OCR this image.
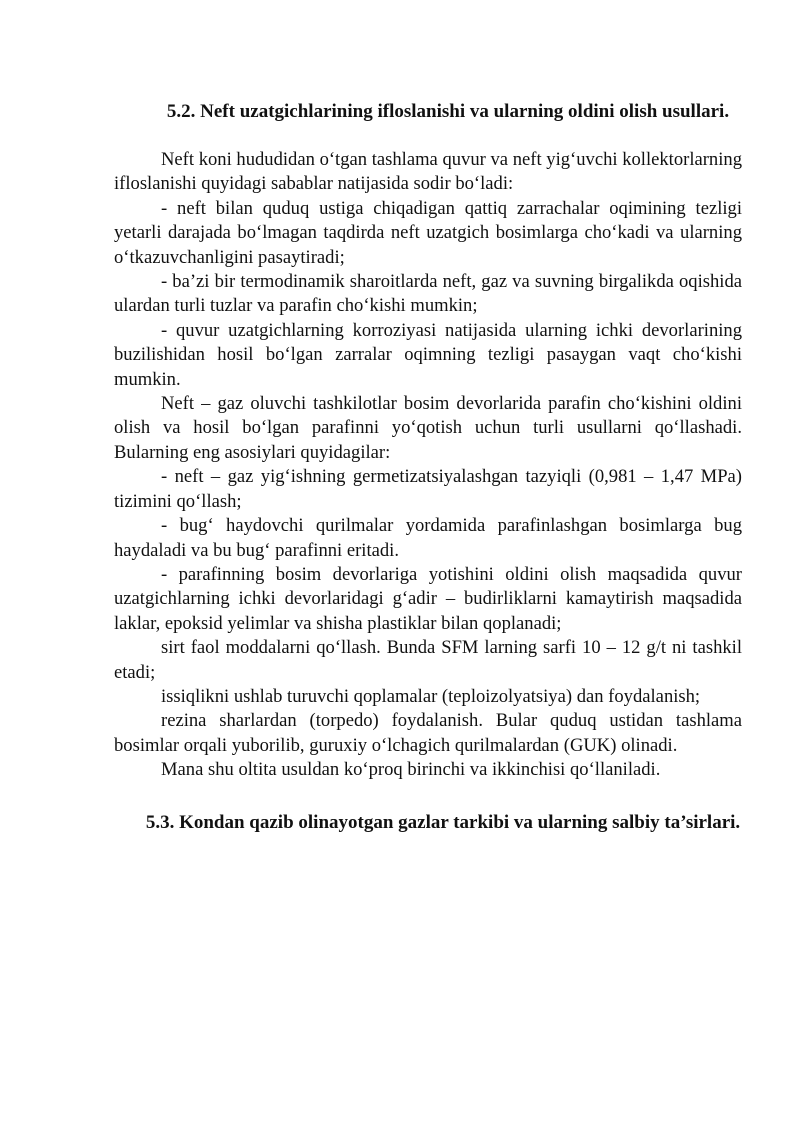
5.2. Neft uzatgichlarining ifloslanishi va ularning oldini olish usullari.

Neft koni hududidan o‘tgan tashlama quvur va neft yig‘uvchi kollektorlarning ifloslanishi quyidagi sabablar natijasida sodir bo‘ladi:

- neft bilan quduq ustiga chiqadigan qattiq zarrachalar oqimining tezligi yetarli darajada bo‘lmagan taqdirda neft uzatgich bosimlarga cho‘kadi va ularning o‘tkazuvchanligini pasaytiradi;

- ba’zi bir termodinamik sharoitlarda neft, gaz va suvning birgalikda oqishida ulardan turli tuzlar va parafin cho‘kishi mumkin;

- quvur uzatgichlarning korroziyasi natijasida ularning ichki devorlarining buzilishidan hosil bo‘lgan zarralar oqimning tezligi pasaygan vaqt cho‘kishi mumkin.

Neft – gaz oluvchi tashkilotlar bosim devorlarida parafin cho‘kishini oldini olish va hosil bo‘lgan parafinni yo‘qotish uchun turli usullarni qo‘llashadi. Bularning eng asosiylari quyidagilar:

- neft – gaz yig‘ishning germetizatsiyalashgan tazyiqli (0,981 – 1,47 MPa) tizimini qo‘llash;

- bug‘ haydovchi qurilmalar yordamida parafinlashgan bosimlarga bug haydaladi va bu bug‘ parafinni eritadi.

- parafinning bosim devorlariga yotishini oldini olish maqsadida quvur uzatgichlarning ichki devorlaridagi g‘adir – budirliklarni kamaytirish maqsadida laklar, epoksid yelimlar va shisha plastiklar bilan qoplanadi;

sirt faol moddalarni qo‘llash. Bunda SFM larning sarfi 10 – 12 g/t ni tashkil etadi;

issiqlikni ushlab turuvchi qoplamalar (teploizolyatsiya) dan foydalanish;

rezina sharlardan (torpedo) foydalanish. Bular quduq ustidan tashlama bosimlar orqali yuborilib, guruxiy o‘lchagich qurilmalardan (GUK) olinadi.

Mana shu oltita usuldan ko‘proq birinchi va ikkinchisi qo‘llaniladi.

5.3. Kondan qazib olinayotgan gazlar tarkibi va ularning salbiy ta’sirlari.
